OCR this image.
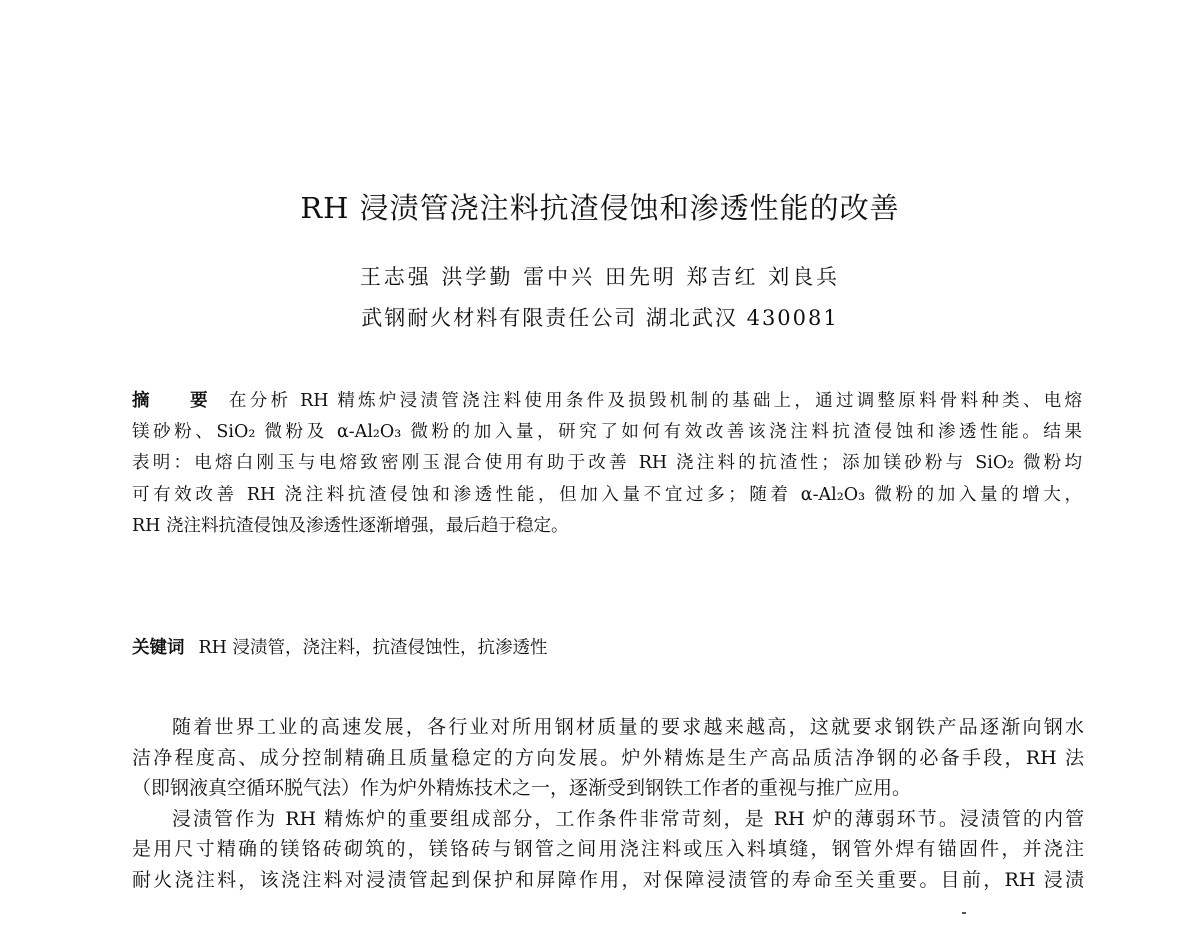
RH 浸渍管浇注料抗渣侵蚀和渗透性能的改善
王志强 洪学勤 雷中兴 田先明 郑吉红 刘良兵
武钢耐火材料有限责任公司 湖北武汉 430081
摘 要 在分析 RH 精炼炉浸渍管浇注料使用条件及损毁机制的基础上，通过调整原料骨料种类、电熔
镁砂粉、SiO₂ 微粉及 α-Al₂O₃ 微粉的加入量，研究了如何有效改善该浇注料抗渣侵蚀和渗透性能。结果
表明：电熔白刚玉与电熔致密刚玉混合使用有助于改善 RH 浇注料的抗渣性；添加镁砂粉与 SiO₂ 微粉均
可有效改善 RH 浇注料抗渣侵蚀和渗透性能，但加入量不宜过多；随着 α-Al₂O₃ 微粉的加入量的增大，
RH 浇注料抗渣侵蚀及渗透性逐渐增强，最后趋于稳定。
关键词 RH 浸渍管，浇注料，抗渣侵蚀性，抗渗透性
随着世界工业的高速发展，各行业对所用钢材质量的要求越来越高，这就要求钢铁产品逐渐向钢水
洁净程度高、成分控制精确且质量稳定的方向发展。炉外精炼是生产高品质洁净钢的必备手段，RH 法
（即钢液真空循环脱气法）作为炉外精炼技术之一，逐渐受到钢铁工作者的重视与推广应用。
浸渍管作为 RH 精炼炉的重要组成部分，工作条件非常苛刻，是 RH 炉的薄弱环节。浸渍管的内管
是用尺寸精确的镁铬砖砌筑的，镁铬砖与钢管之间用浇注料或压入料填缝，钢管外焊有锚固件，并浇注
耐火浇注料，该浇注料对浸渍管起到保护和屏障作用，对保障浸渍管的寿命至关重要。目前，RH 浸渍
